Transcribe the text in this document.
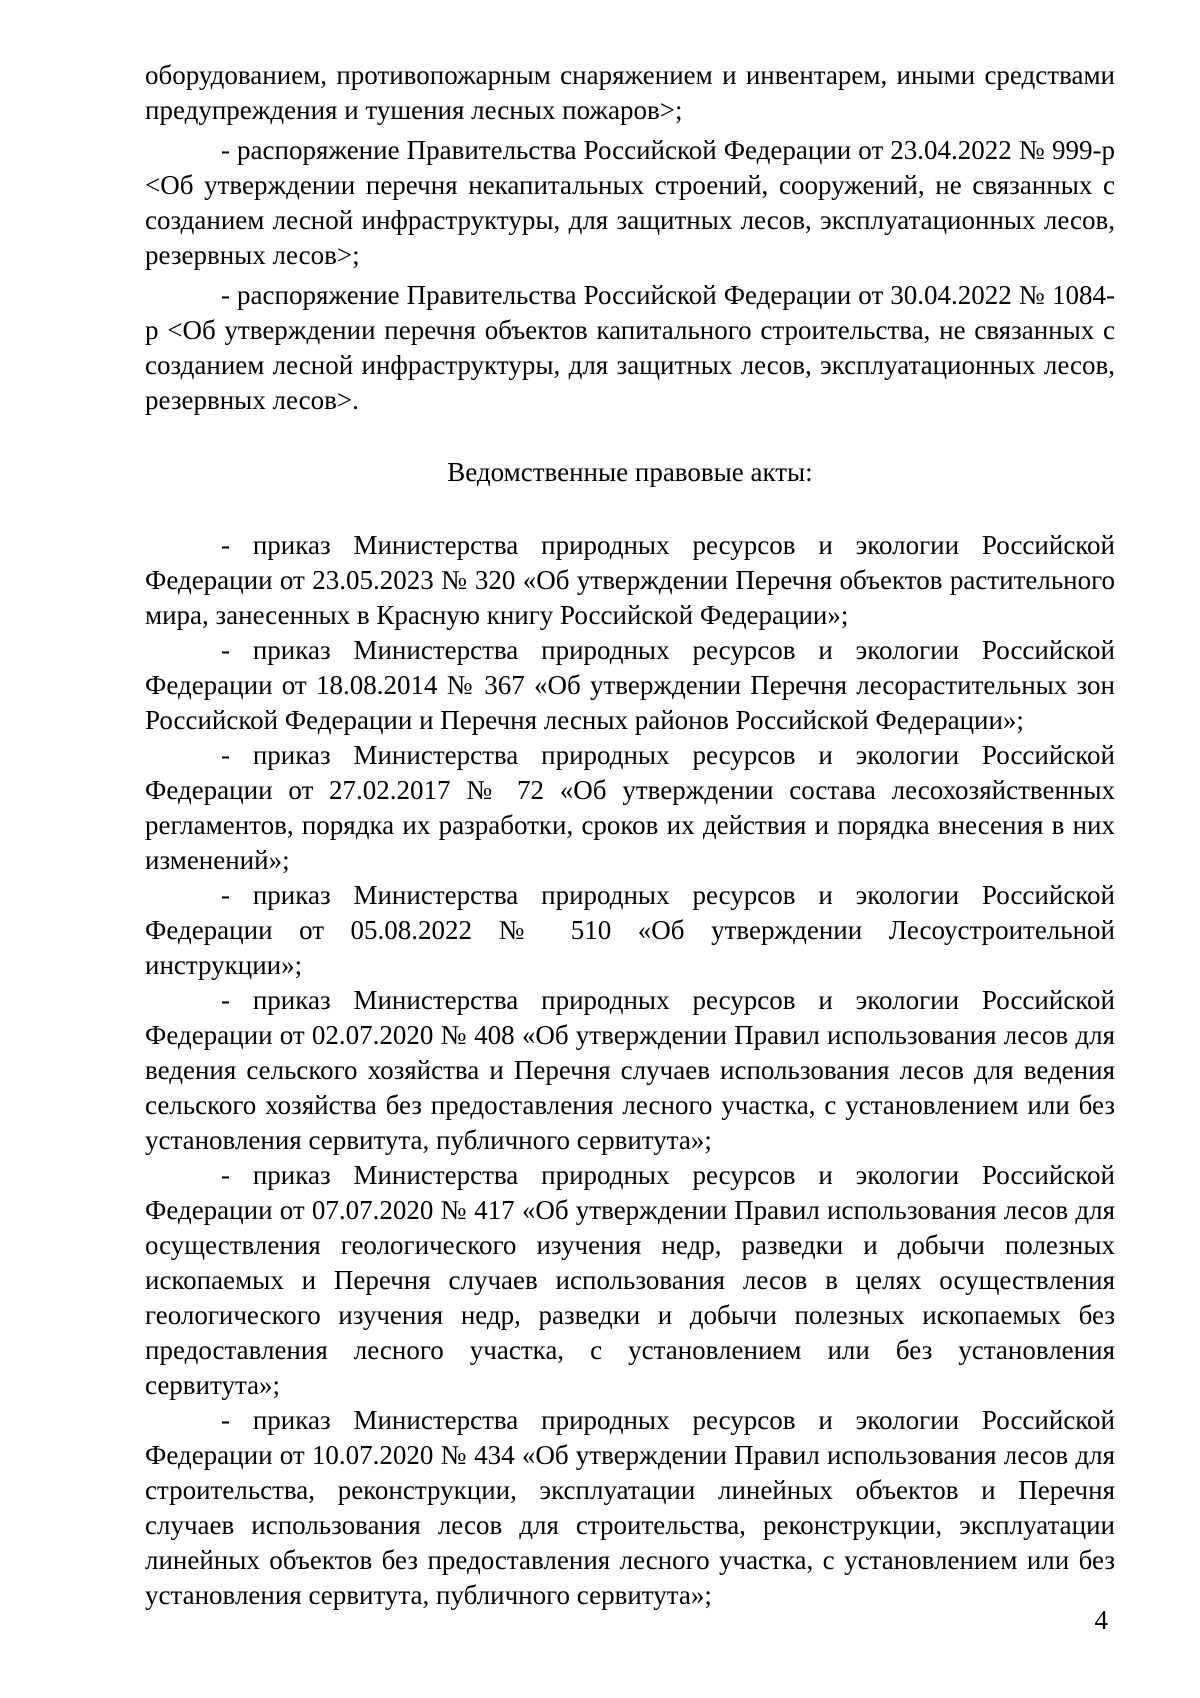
оборудованием, противопожарным снаряжением и инвентарем, иными средствами предупреждения и тушения лесных пожаров>;

- распоряжение Правительства Российской Федерации от 23.04.2022 № 999-р <Об утверждении перечня некапитальных строений, сооружений, не связанных с созданием лесной инфраструктуры, для защитных лесов, эксплуатационных лесов, резервных лесов>;

- распоряжение Правительства Российской Федерации от 30.04.2022 № 1084-р <Об утверждении перечня объектов капитального строительства, не связанных с созданием лесной инфраструктуры, для защитных лесов, эксплуатационных лесов, резервных лесов>.

Ведомственные правовые акты:

- приказ Министерства природных ресурсов и экологии Российской Федерации от 23.05.2023 № 320 «Об утверждении Перечня объектов растительного мира, занесенных в Красную книгу Российской Федерации»;

- приказ Министерства природных ресурсов и экологии Российской Федерации от 18.08.2014 № 367 «Об утверждении Перечня лесорастительных зон Российской Федерации и Перечня лесных районов Российской Федерации»;

- приказ Министерства природных ресурсов и экологии Российской Федерации от 27.02.2017 № 72 «Об утверждении состава лесохозяйственных регламентов, порядка их разработки, сроков их действия и порядка внесения в них изменений»;

- приказ Министерства природных ресурсов и экологии Российской Федерации от 05.08.2022 № 510 «Об утверждении Лесоустроительной инструкции»;

- приказ Министерства природных ресурсов и экологии Российской Федерации от 02.07.2020 № 408 «Об утверждении Правил использования лесов для ведения сельского хозяйства и Перечня случаев использования лесов для ведения сельского хозяйства без предоставления лесного участка, с установлением или без установления сервитута, публичного сервитута»;

- приказ Министерства природных ресурсов и экологии Российской Федерации от 07.07.2020 № 417 «Об утверждении Правил использования лесов для осуществления геологического изучения недр, разведки и добычи полезных ископаемых и Перечня случаев использования лесов в целях осуществления геологического изучения недр, разведки и добычи полезных ископаемых без предоставления лесного участка, с установлением или без установления сервитута»;

- приказ Министерства природных ресурсов и экологии Российской Федерации от 10.07.2020 № 434 «Об утверждении Правил использования лесов для строительства, реконструкции, эксплуатации линейных объектов и Перечня случаев использования лесов для строительства, реконструкции, эксплуатации линейных объектов без предоставления лесного участка, с установлением или без установления сервитута, публичного сервитута»;

4
